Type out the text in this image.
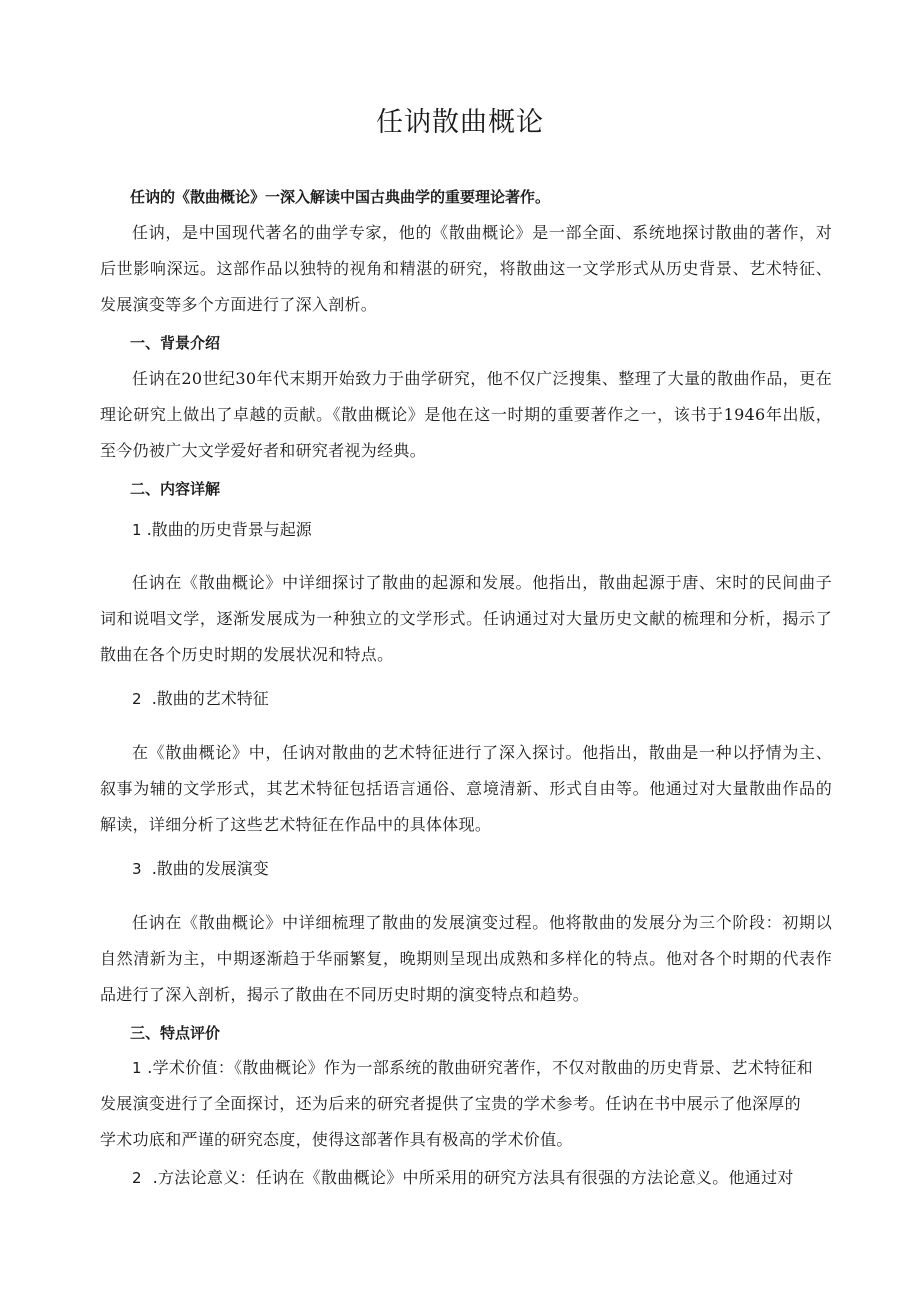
任讷散曲概论

任讷的《散曲概论》一深入解读中国古典曲学的重要理论著作。

任讷，是中国现代著名的曲学专家，他的《散曲概论》是一部全面、系统地探讨散曲的著作，对后世影响深远。这部作品以独特的视角和精湛的研究，将散曲这一文学形式从历史背景、艺术特征、发展演变等多个方面进行了深入剖析。

一、背景介绍

任讷在20世纪30年代末期开始致力于曲学研究，他不仅广泛搜集、整理了大量的散曲作品，更在理论研究上做出了卓越的贡献。《散曲概论》是他在这一时期的重要著作之一，该书于1946年出版，至今仍被广大文学爱好者和研究者视为经典。

二、内容详解

1 .散曲的历史背景与起源

任讷在《散曲概论》中详细探讨了散曲的起源和发展。他指出，散曲起源于唐、宋时的民间曲子词和说唱文学，逐渐发展成为一种独立的文学形式。任讷通过对大量历史文献的梳理和分析，揭示了散曲在各个历史时期的发展状况和特点。

2 .散曲的艺术特征

在《散曲概论》中，任讷对散曲的艺术特征进行了深入探讨。他指出，散曲是一种以抒情为主、叙事为辅的文学形式，其艺术特征包括语言通俗、意境清新、形式自由等。他通过对大量散曲作品的解读，详细分析了这些艺术特征在作品中的具体体现。

3 .散曲的发展演变

任讷在《散曲概论》中详细梳理了散曲的发展演变过程。他将散曲的发展分为三个阶段：初期以自然清新为主，中期逐渐趋于华丽繁复，晚期则呈现出成熟和多样化的特点。他对各个时期的代表作品进行了深入剖析，揭示了散曲在不同历史时期的演变特点和趋势。

三、特点评价

1 .学术价值：《散曲概论》作为一部系统的散曲研究著作，不仅对散曲的历史背景、艺术特征和发展演变进行了全面探讨，还为后来的研究者提供了宝贵的学术参考。任讷在书中展示了他深厚的学术功底和严谨的研究态度，使得这部著作具有极高的学术价值。

2 .方法论意义：任讷在《散曲概论》中所采用的研究方法具有很强的方法论意义。他通过对
